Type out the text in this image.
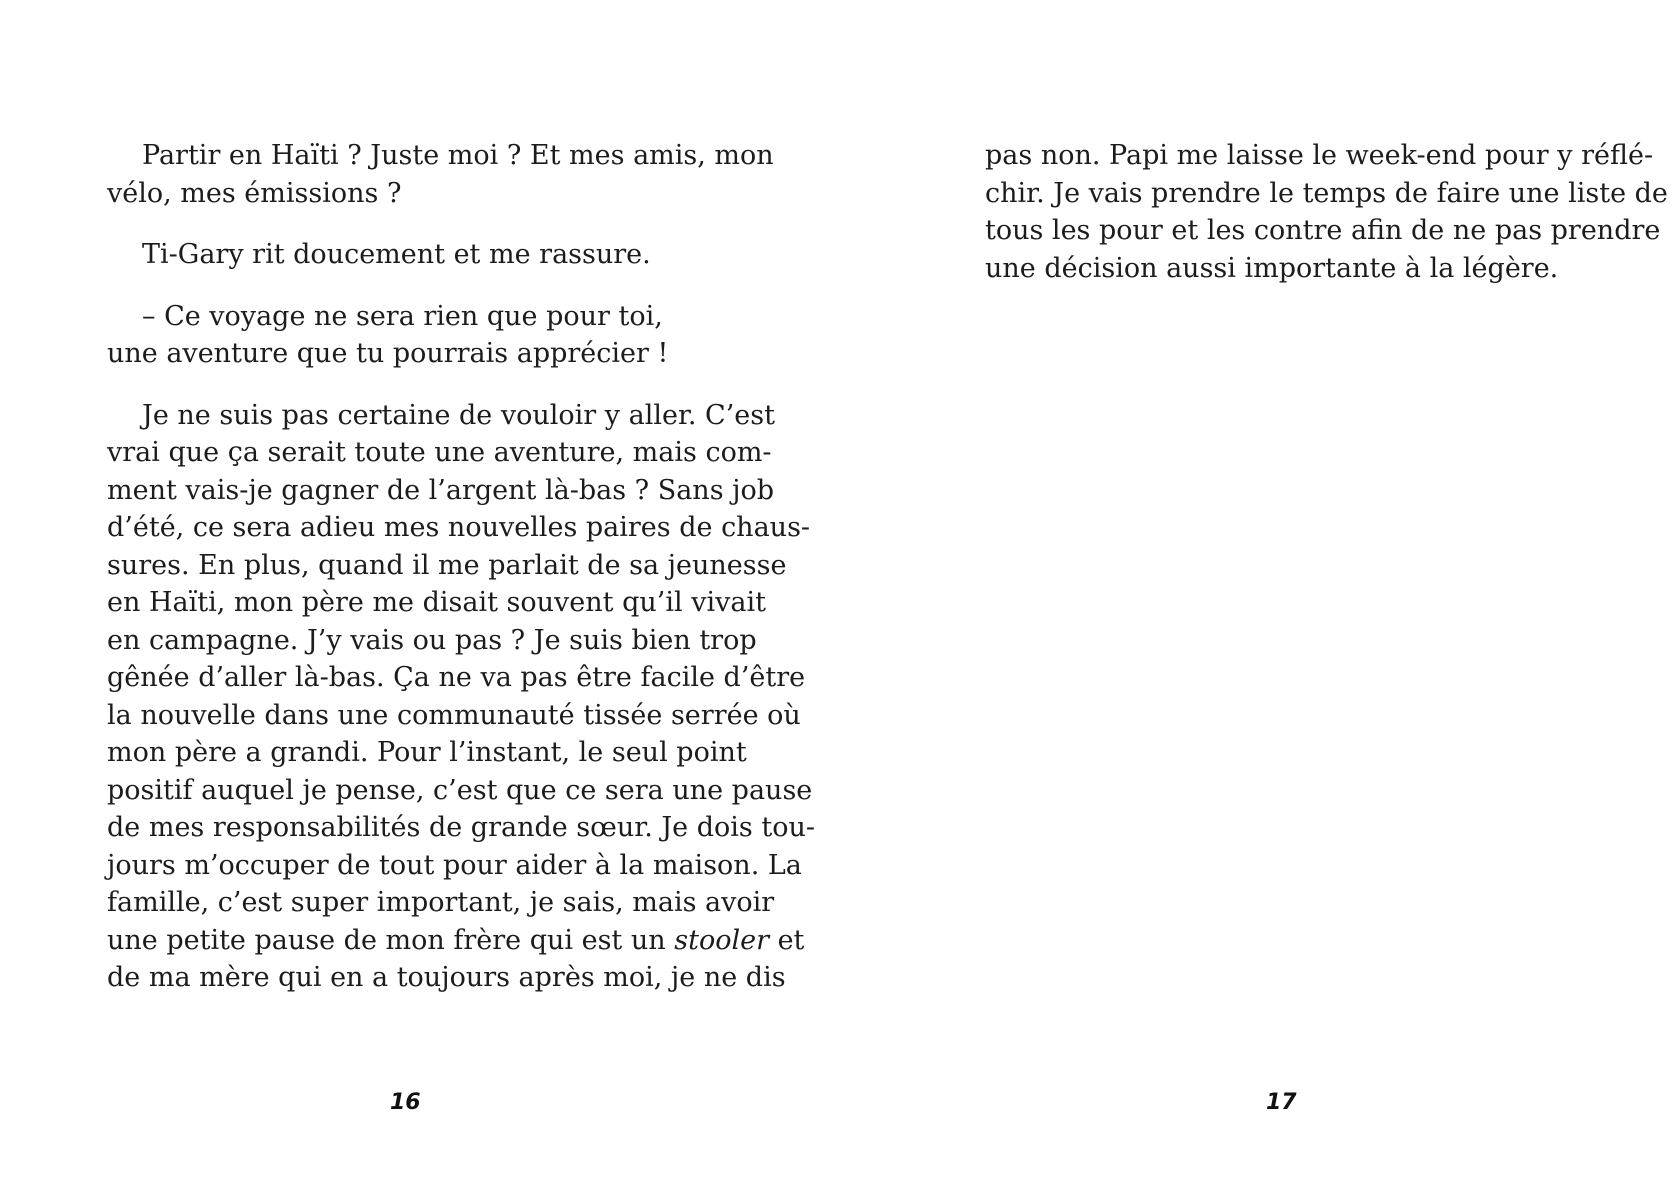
Partir en Haïti ? Juste moi ? Et mes amis, mon
vélo, mes émissions ?
Ti-Gary rit doucement et me rassure.
– Ce voyage ne sera rien que pour toi,
une aventure que tu pourrais apprécier !
Je ne suis pas certaine de vouloir y aller. C’est
vrai que ça serait toute une aventure, mais com-
ment vais-je gagner de l’argent là-bas ? Sans job
d’été, ce sera adieu mes nouvelles paires de chaus-
sures. En plus, quand il me parlait de sa jeunesse
en Haïti, mon père me disait souvent qu’il vivait
en campagne. J’y vais ou pas ? Je suis bien trop
gênée d’aller là-bas. Ça ne va pas être facile d’être
la nouvelle dans une communauté tissée serrée où
mon père a grandi. Pour l’instant, le seul point
positif auquel je pense, c’est que ce sera une pause
de mes responsabilités de grande sœur. Je dois tou-
jours m’occuper de tout pour aider à la maison. La
famille, c’est super important, je sais, mais avoir
une petite pause de mon frère qui est un stooler et
de ma mère qui en a toujours après moi, je ne dis
16
pas non. Papi me laisse le week-end pour y réflé-
chir. Je vais prendre le temps de faire une liste de
tous les pour et les contre afin de ne pas prendre
une décision aussi importante à la légère.
17
